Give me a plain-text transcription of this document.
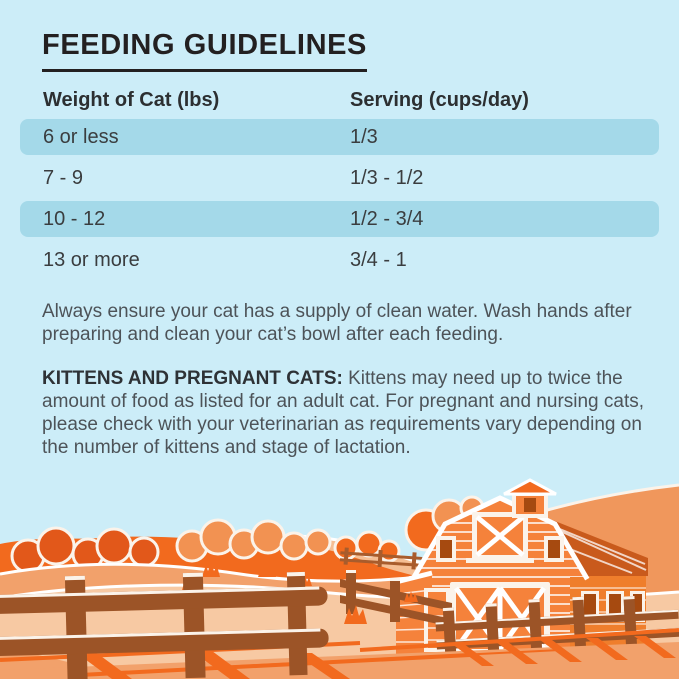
FEEDING GUIDELINES
Weight of Cat (lbs)	Serving (cups/day)
6 or less	1/3
7 - 9	1/3 - 1/2
10 - 12	1/2 - 3/4
13 or more	3/4 - 1

Always ensure your cat has a supply of clean water. Wash hands after preparing and clean your cat’s bowl after each feeding.

KITTENS AND PREGNANT CATS: Kittens may need up to twice the amount of food as listed for an adult cat. For pregnant and nursing cats, please check with your veterinarian as requirements vary depending on the number of kittens and stage of lactation.
